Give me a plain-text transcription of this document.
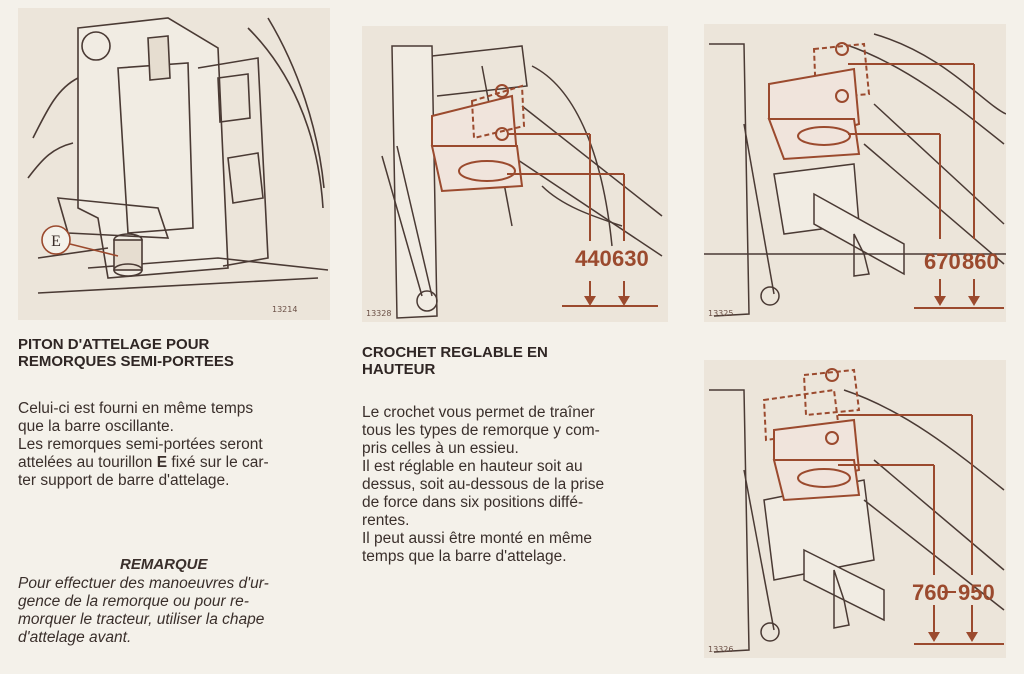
E
13214
440 630
13328
670 860
13325
760 950
13326
PITON D'ATTELAGE POUR
REMORQUES SEMI-PORTEES

Celui-ci est fourni en même temps

que la barre oscillante.

Les remorques semi-portées seront

attelées au tourillon E fixé sur le car-

ter support de barre d'attelage.

REMARQUE

Pour effectuer des manoeuvres d'ur-

gence de la remorque ou pour re-

morquer le tracteur, utiliser la chape

d'attelage avant.

CROCHET REGLABLE EN
HAUTEUR

Le crochet vous permet de traîner

tous les types de remorque y com-

pris celles à un essieu.

Il est réglable en hauteur soit au

dessus, soit au-dessous de la prise

de force dans six positions diffé-

rentes.

Il peut aussi être monté en même

temps que la barre d'attelage.
